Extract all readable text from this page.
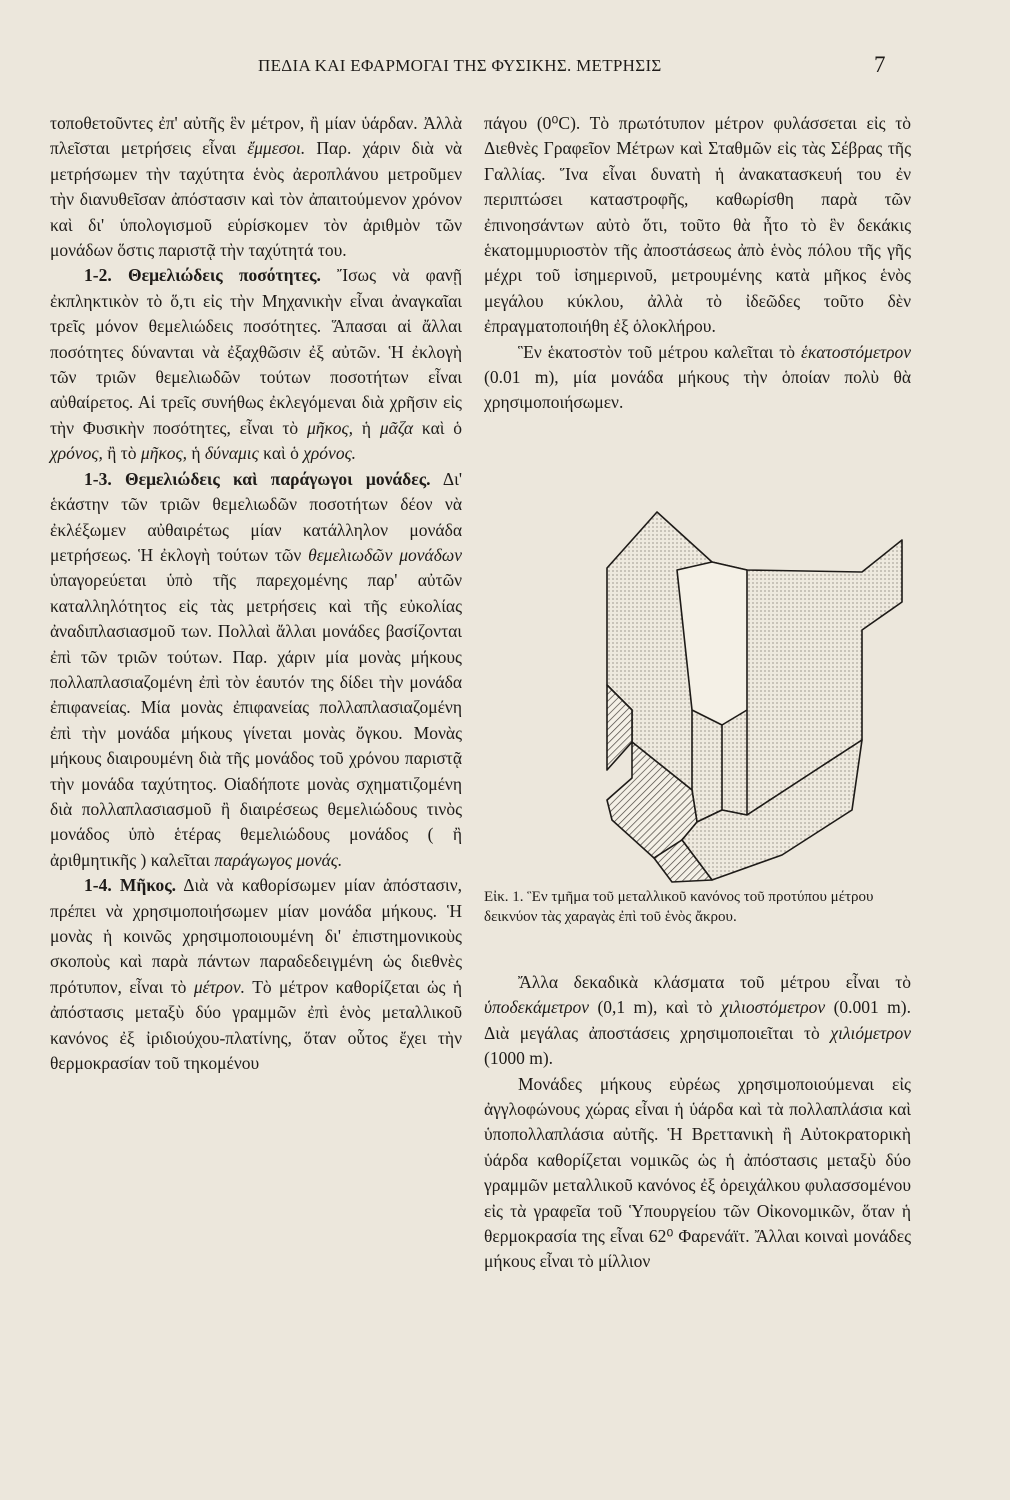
ΠΕΔΙΑ ΚΑΙ ΕΦΑΡΜΟΓΑΙ ΤΗΣ ΦΥΣΙΚΗΣ. ΜΕΤΡΗΣΙΣ	7

τοποθετοῦντες ἐπ' αὐτῆς ἓν μέτρον, ἢ μίαν ὑάρδαν. Ἀλλὰ πλεῖσται μετρήσεις εἶναι ἔμμεσοι. Παρ. χάριν διὰ νὰ μετρήσωμεν τὴν ταχύτητα ἑνὸς ἀεροπλάνου μετροῦμεν τὴν διανυθεῖσαν ἀπόστασιν καὶ τὸν ἀπαιτούμενον χρόνον καὶ δι' ὑπολογισμοῦ εὑρίσκομεν τὸν ἀριθμὸν τῶν μονάδων ὅστις παριστᾷ τὴν ταχύτητά του.

1-2. Θεμελιώδεις ποσότητες. Ἴσως νὰ φανῇ ἐκπληκτικὸν τὸ ὅ,τι εἰς τὴν Μηχανικὴν εἶναι ἀναγκαῖαι τρεῖς μόνον θεμελιώδεις ποσότητες. Ἅπασαι αἱ ἄλλαι ποσότητες δύνανται νὰ ἐξαχθῶσιν ἐξ αὐτῶν. Ἡ ἐκλογὴ τῶν τριῶν θεμελιωδῶν τούτων ποσοτήτων εἶναι αὐθαίρετος. Αἱ τρεῖς συνήθως ἐκλεγόμεναι διὰ χρῆσιν εἰς τὴν Φυσικὴν ποσότητες, εἶναι τὸ μῆκος, ἡ μᾶζα καὶ ὁ χρόνος, ἢ τὸ μῆκος, ἡ δύναμις καὶ ὁ χρόνος.

1-3. Θεμελιώδεις καὶ παράγωγοι μονάδες. Δι' ἑκάστην τῶν τριῶν θεμελιωδῶν ποσοτήτων δέον νὰ ἐκλέξωμεν αὐθαιρέτως μίαν κατάλληλον μονάδα μετρήσεως. Ἡ ἐκλογὴ τούτων τῶν θεμελιωδῶν μονάδων ὑπαγορεύεται ὑπὸ τῆς παρεχομένης παρ' αὐτῶν καταλληλότητος εἰς τὰς μετρήσεις καὶ τῆς εὐκολίας ἀναδιπλασιασμοῦ των. Πολλαὶ ἄλλαι μονάδες βασίζονται ἐπὶ τῶν τριῶν τούτων. Παρ. χάριν μία μονὰς μήκους πολλαπλασιαζομένη ἐπὶ τὸν ἑαυτόν της δίδει τὴν μονάδα ἐπιφανείας. Μία μονὰς ἐπιφανείας πολλαπλασιαζομένη ἐπὶ τὴν μονάδα μήκους γίνεται μονὰς ὄγκου. Μονὰς μήκους διαιρουμένη διὰ τῆς μονάδος τοῦ χρόνου παριστᾷ τὴν μονάδα ταχύτητος. Οἱαδήποτε μονὰς σχηματιζομένη διὰ πολλαπλασιασμοῦ ἢ διαιρέσεως θεμελιώδους τινὸς μονάδος ὑπὸ ἑτέρας θεμελιώδους μονάδος ( ἢ ἀριθμητικῆς ) καλεῖται παράγωγος μονάς.

1-4. Μῆκος. Διὰ νὰ καθορίσωμεν μίαν ἀπόστασιν, πρέπει νὰ χρησιμοποιήσωμεν μίαν μονάδα μήκους. Ἡ μονὰς ἡ κοινῶς χρησιμοποιουμένη δι' ἐπιστημονικοὺς σκοποὺς καὶ παρὰ πάντων παραδεδειγμένη ὡς διεθνὲς πρότυπον, εἶναι τὸ μέτρον. Τὸ μέτρον καθορίζεται ὡς ἡ ἀπόστασις μεταξὺ δύο γραμμῶν ἐπὶ ἑνὸς μεταλλικοῦ κανόνος ἐξ ἰριδιούχου-πλατίνης, ὅταν οὗτος ἔχει τὴν θερμοκρασίαν τοῦ τηκομένου

πάγου (0⁰C). Τὸ πρωτότυπον μέτρον φυλάσσεται εἰς τὸ Διεθνὲς Γραφεῖον Μέτρων καὶ Σταθμῶν εἰς τὰς Σέβρας τῆς Γαλλίας. Ἵνα εἶναι δυνατὴ ἡ ἀνακατασκευή του ἐν περιπτώσει καταστροφῆς, καθωρίσθη παρὰ τῶν ἐπινοησάντων αὐτὸ ὅτι, τοῦτο θὰ ἦτο τὸ ἓν δεκάκις ἑκατομμυριοστὸν τῆς ἀποστάσεως ἀπὸ ἑνὸς πόλου τῆς γῆς μέχρι τοῦ ἰσημερινοῦ, μετρουμένης κατὰ μῆκος ἑνὸς μεγάλου κύκλου, ἀλλὰ τὸ ἰδεῶδες τοῦτο δὲν ἐπραγματοποιήθη ἐξ ὁλοκλήρου.

Ἓν ἑκατοστὸν τοῦ μέτρου καλεῖται τὸ ἑκατοστόμετρον (0.01 m), μία μονάδα μήκους τὴν ὁποίαν πολὺ θὰ χρησιμοποιήσωμεν.

Εἰκ. 1. Ἓν τμῆμα τοῦ μεταλλικοῦ κανόνος τοῦ προτύπου μέτρου δεικνύον τὰς χαραγὰς ἐπὶ τοῦ ἑνὸς ἄκρου.

Ἄλλα δεκαδικὰ κλάσματα τοῦ μέτρου εἶναι τὸ ὑποδεκάμετρον (0,1 m), καὶ τὸ χιλιοστόμετρον (0.001 m). Διὰ μεγάλας ἀποστάσεις χρησιμοποιεῖται τὸ χιλιόμετρον (1000 m).

Μονάδες μήκους εὐρέως χρησιμοποιούμεναι εἰς ἀγγλοφώνους χώρας εἶναι ἡ ὑάρδα καὶ τὰ πολλαπλάσια καὶ ὑποπολλαπλάσια αὐτῆς. Ἡ Βρεττανικὴ ἢ Αὐτοκρατορικὴ ὑάρδα καθορίζεται νομικῶς ὡς ἡ ἀπόστασις μεταξὺ δύο γραμμῶν μεταλλικοῦ κανόνος ἐξ ὀρειχάλκου φυλασσομένου εἰς τὰ γραφεῖα τοῦ Ὑπουργείου τῶν Οἰκονομικῶν, ὅταν ἡ θερμοκρασία της εἶναι 62⁰ Φαρενάϊτ. Ἄλλαι κοιναὶ μονάδες μήκους εἶναι τὸ μίλλιον
